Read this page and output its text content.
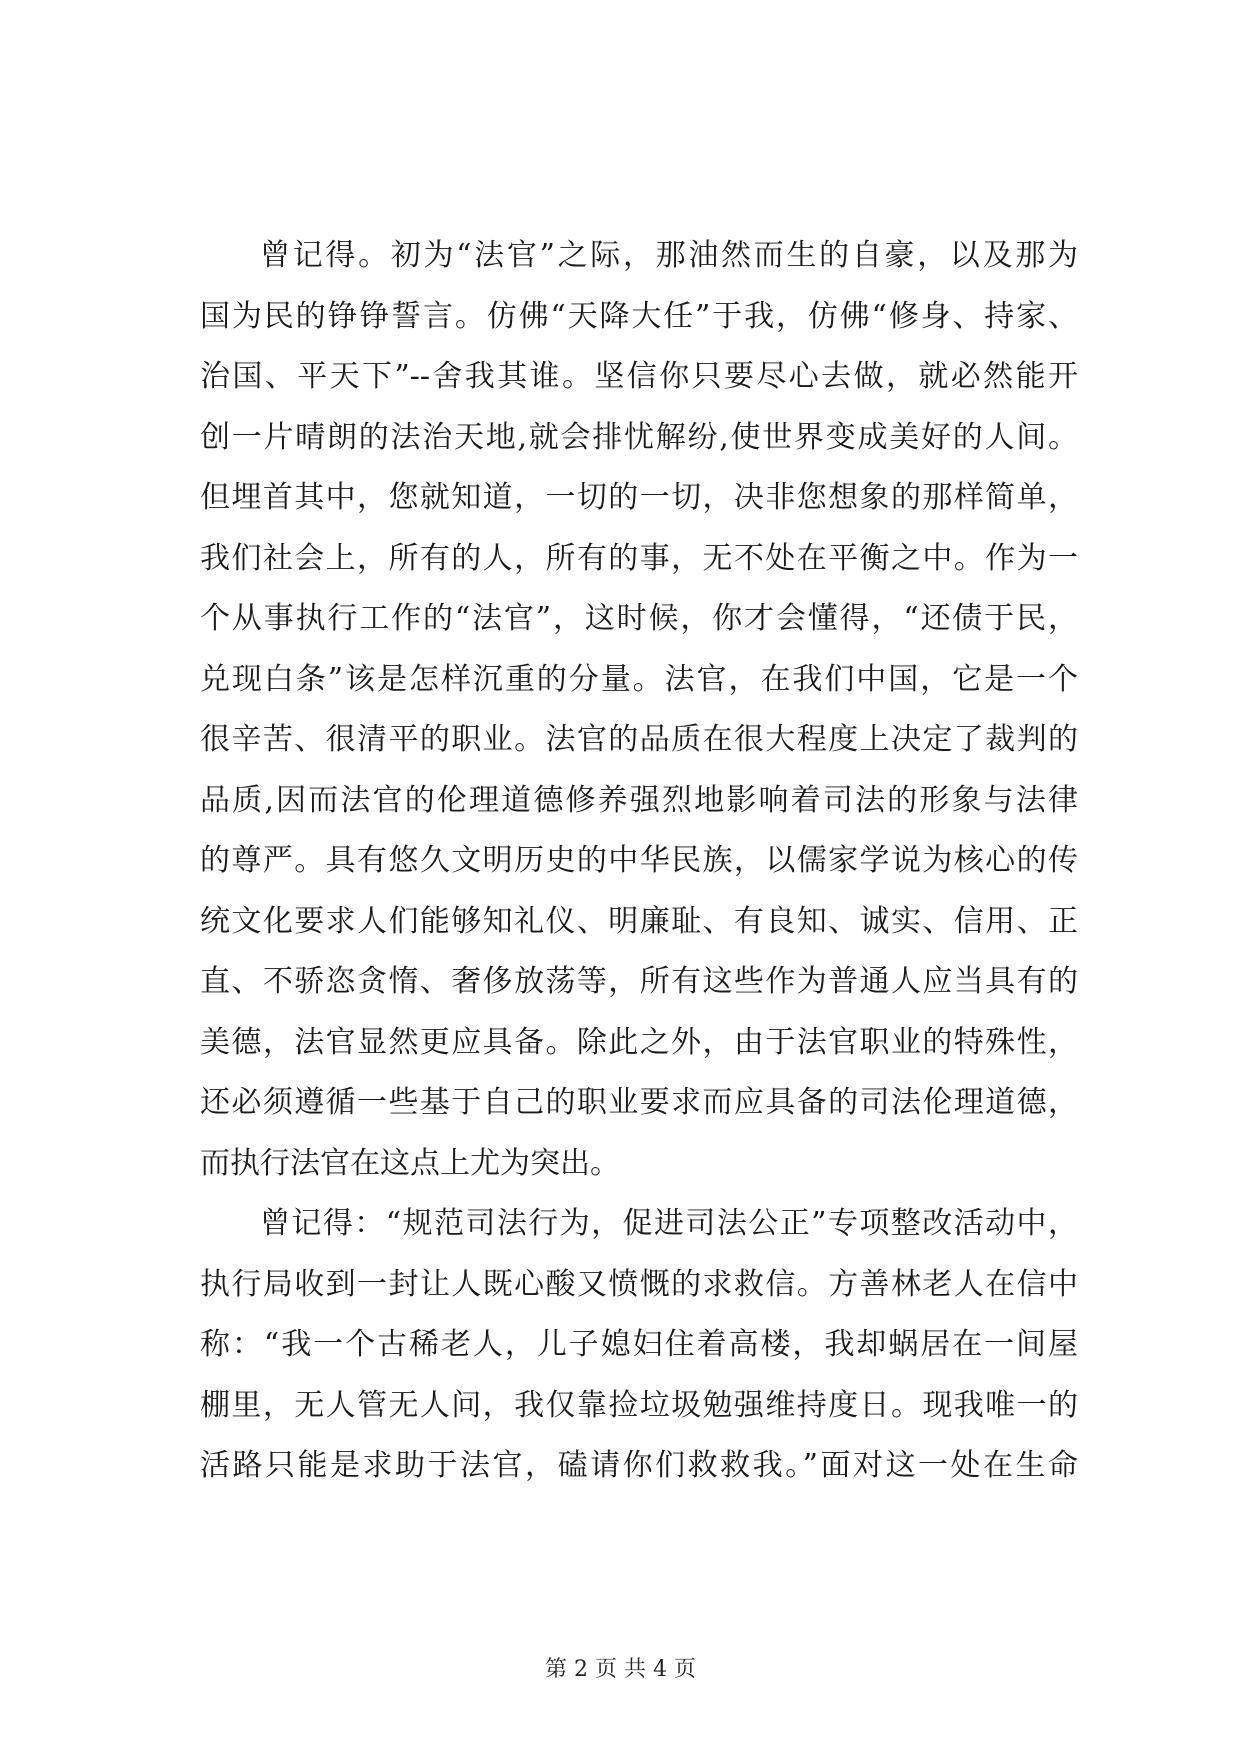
曾记得。初为“法官”之际，那油然而生的自豪，以及那为
国为民的铮铮誓言。仿佛“天降大任”于我，仿佛“修身、持家、
治国、平天下”--舍我其谁。坚信你只要尽心去做，就必然能开
创一片晴朗的法治天地,就会排忧解纷,使世界变成美好的人间。
但埋首其中，您就知道，一切的一切，决非您想象的那样简单，
我们社会上，所有的人，所有的事，无不处在平衡之中。作为一
个从事执行工作的“法官”，这时候，你才会懂得，“还债于民，
兑现白条”该是怎样沉重的分量。法官，在我们中国，它是一个
很辛苦、很清平的职业。法官的品质在很大程度上决定了裁判的
品质,因而法官的伦理道德修养强烈地影响着司法的形象与法律
的尊严。具有悠久文明历史的中华民族，以儒家学说为核心的传
统文化要求人们能够知礼仪、明廉耻、有良知、诚实、信用、正
直、不骄恣贪惰、奢侈放荡等，所有这些作为普通人应当具有的
美德，法官显然更应具备。除此之外，由于法官职业的特殊性，
还必须遵循一些基于自己的职业要求而应具备的司法伦理道德，
而执行法官在这点上尤为突出。
曾记得：“规范司法行为，促进司法公正”专项整改活动中，
执行局收到一封让人既心酸又愤慨的求救信。方善林老人在信中
称：“我一个古稀老人，儿子媳妇住着高楼，我却蜗居在一间屋
棚里，无人管无人问，我仅靠捡垃圾勉强维持度日。现我唯一的
活路只能是求助于法官，磕请你们救救我。”面对这一处在生命
第 2 页 共 4 页
